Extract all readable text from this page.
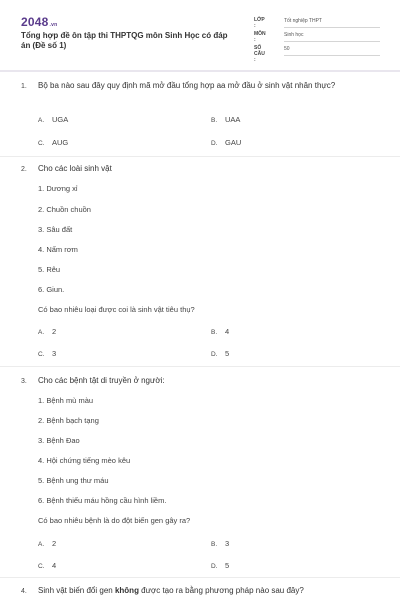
2048.vn
Tổng hợp đề ôn tập thi THPTQG môn Sinh Học có đáp án (Đề số 1)
LỚP :
Tốt nghiệp THPT
MÔN :
Sinh học
SỐ CÂU :
50
1. Bộ ba nào sau đây quy định mã mở đầu tổng hợp aa mở đầu ở sinh vật nhân thực?
A. UGA	B. UAA
C. AUG	D. GAU
2. Cho các loài sinh vật
1. Dương xỉ
2. Chuồn chuồn
3. Sâu đất
4. Nấm rơm
5. Rêu
6. Giun.
Có bao nhiêu loại được coi là sinh vật tiêu thụ?
A. 2	B. 4
C. 3	D. 5
3. Cho các bệnh tật di truyền ở người:
1. Bệnh mù màu
2. Bệnh bạch tạng
3. Bệnh Đao
4. Hội chứng tiếng mèo kêu
5. Bệnh ung thư máu
6. Bệnh thiếu máu hồng cầu hình liềm.
Có bao nhiêu bệnh là do đột biến gen gây ra?
A. 2	B. 3
C. 4	D. 5
4. Sinh vật biến đổi gen không được tạo ra bằng phương pháp nào sau đây?
